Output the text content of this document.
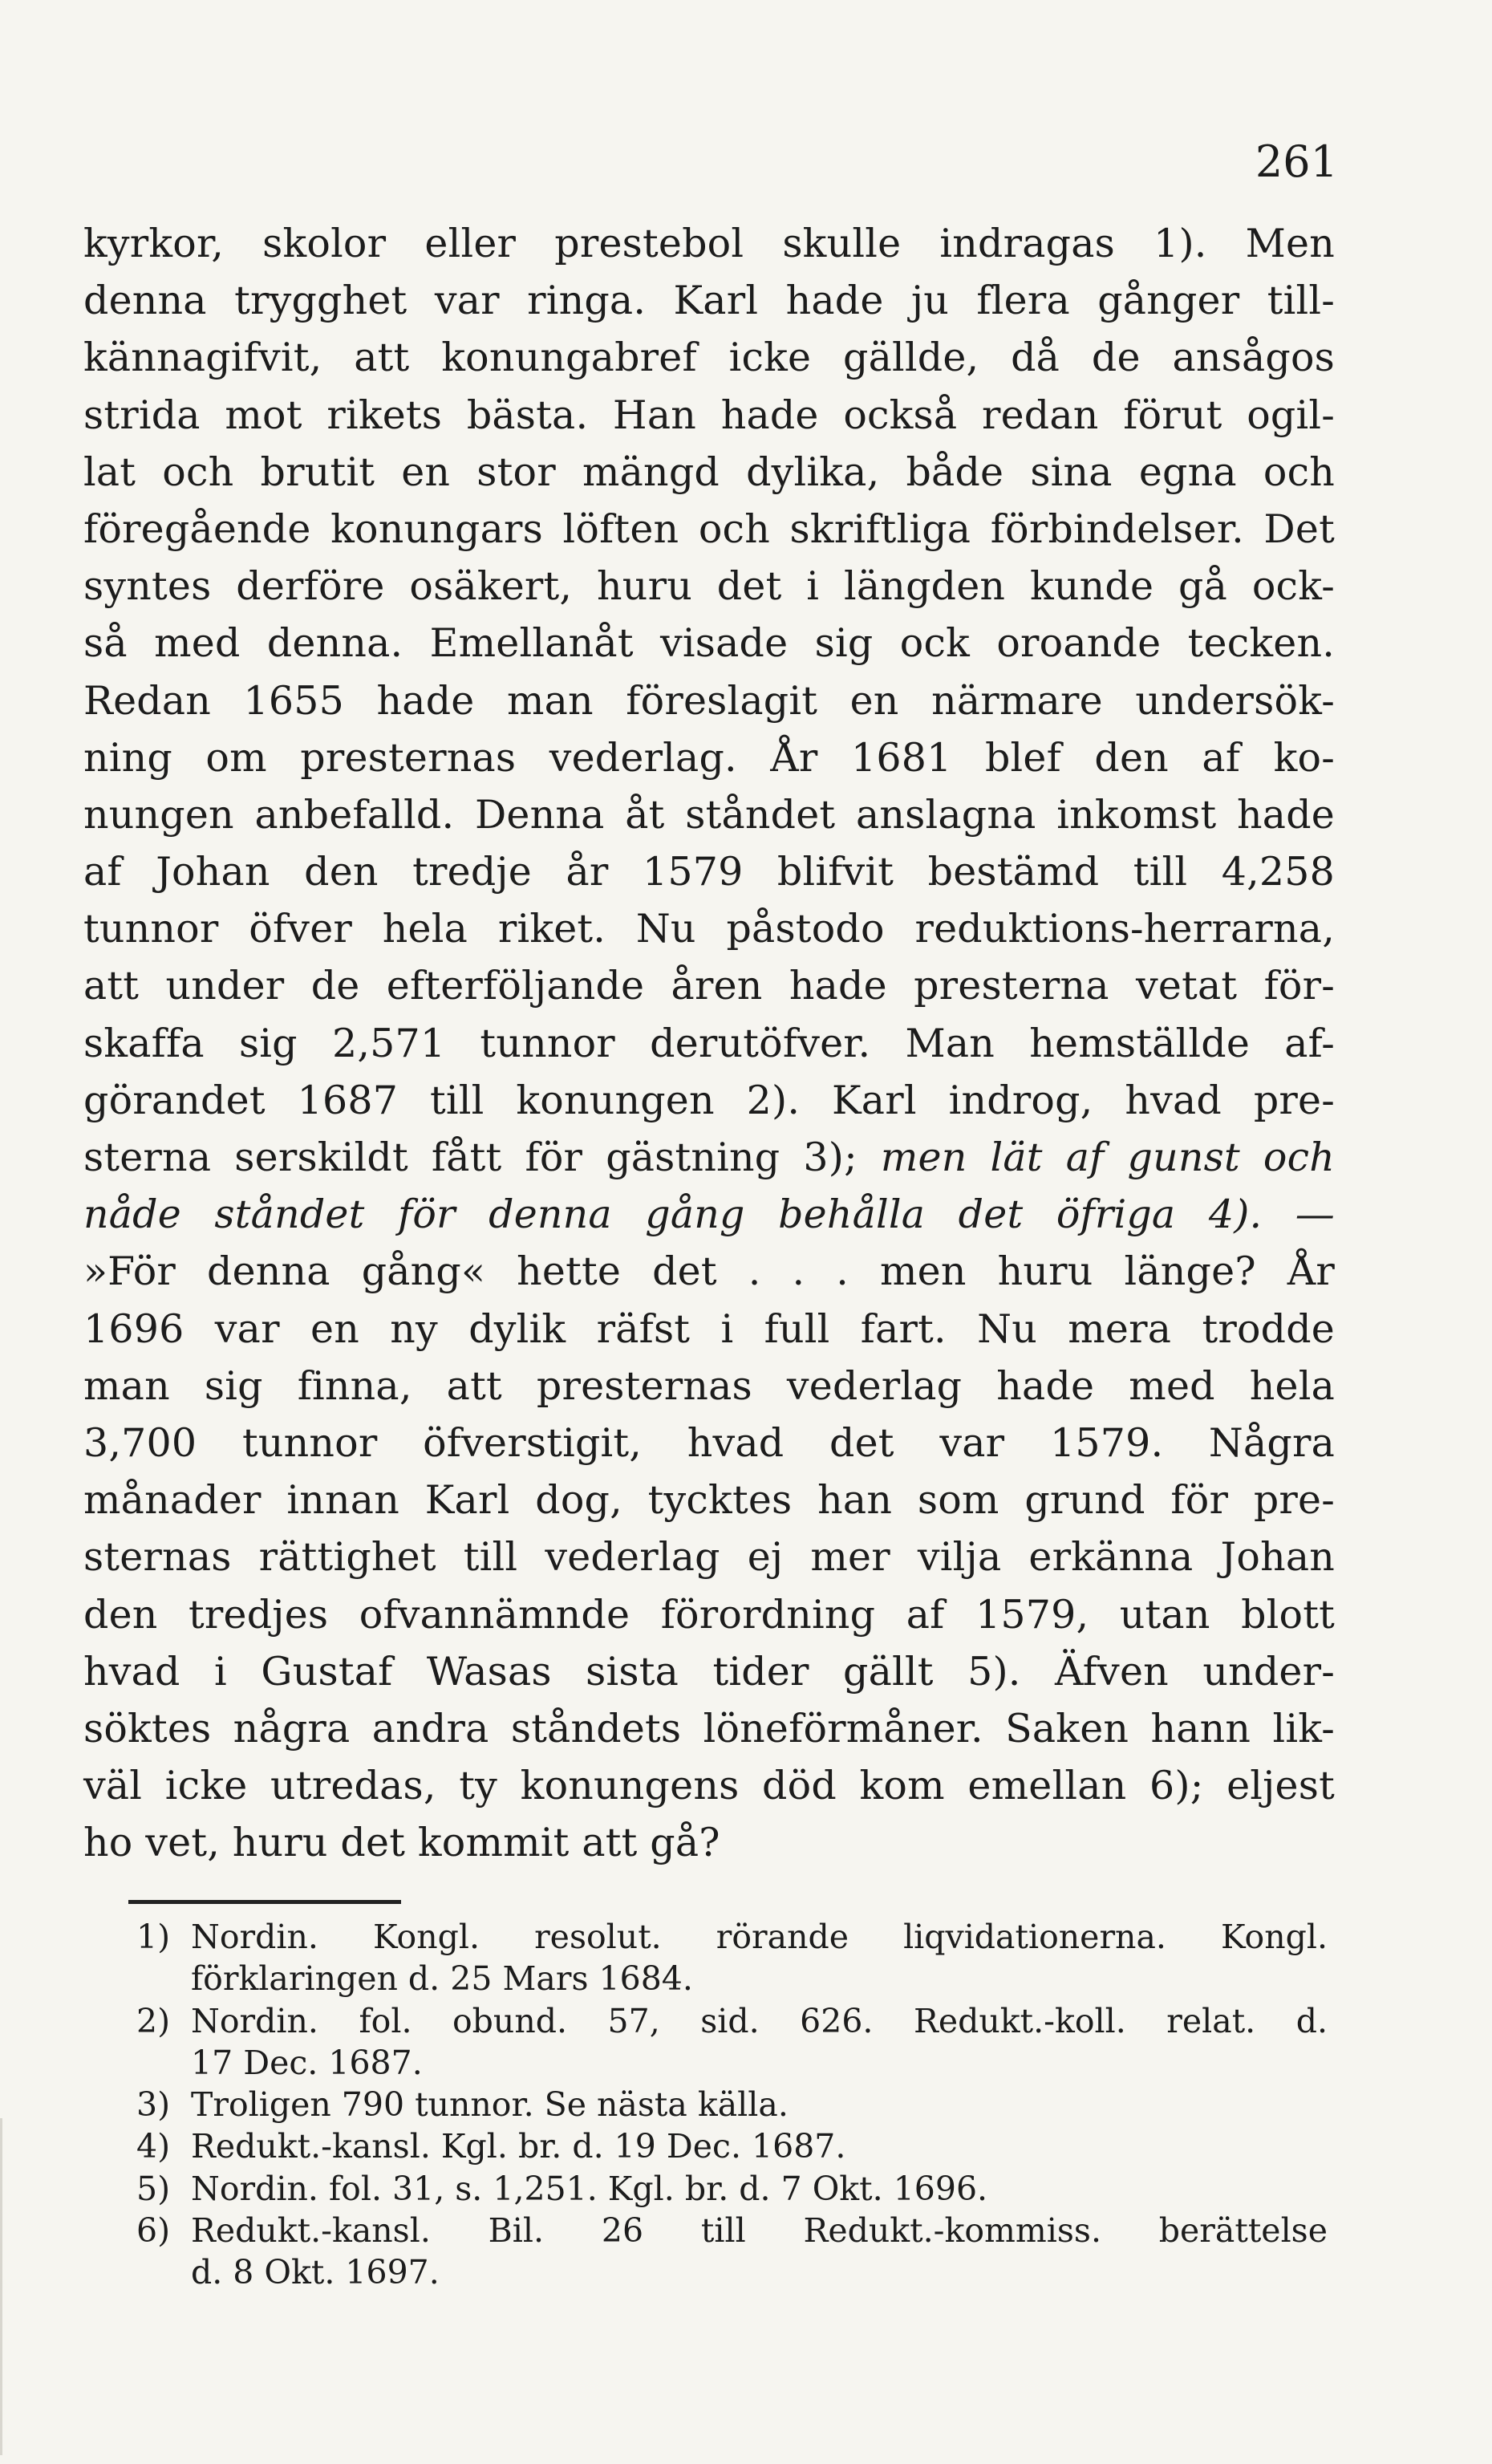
261
kyrkor, skolor eller prestebol skulle indragas 1). Men
denna trygghet var ringa. Karl hade ju flera gånger till-
kännagifvit, att konungabref icke gällde, då de ansågos
strida mot rikets bästa. Han hade också redan förut ogil-
lat och brutit en stor mängd dylika, både sina egna och
föregående konungars löften och skriftliga förbindelser. Det
syntes derföre osäkert, huru det i längden kunde gå ock-
så med denna. Emellanåt visade sig ock oroande tecken.
Redan 1655 hade man föreslagit en närmare undersök-
ning om presternas vederlag. År 1681 blef den af ko-
nungen anbefalld. Denna åt ståndet anslagna inkomst hade
af Johan den tredje år 1579 blifvit bestämd till 4,258
tunnor öfver hela riket. Nu påstodo reduktions-herrarna,
att under de efterföljande åren hade presterna vetat för-
skaffa sig 2,571 tunnor derutöfver. Man hemställde af-
görandet 1687 till konungen 2). Karl indrog, hvad pre-
sterna serskildt fått för gästning 3); men lät af gunst och
nåde ståndet för denna gång behålla det öfriga 4). —
»För denna gång« hette det . . . men huru länge? År
1696 var en ny dylik räfst i full fart. Nu mera trodde
man sig finna, att presternas vederlag hade med hela
3,700 tunnor öfverstigit, hvad det var 1579. Några
månader innan Karl dog, tycktes han som grund för pre-
sternas rättighet till vederlag ej mer vilja erkänna Johan
den tredjes ofvannämnde förordning af 1579, utan blott
hvad i Gustaf Wasas sista tider gällt 5). Äfven under-
söktes några andra ståndets löneförmåner. Saken hann lik-
väl icke utredas, ty konungens död kom emellan 6); eljest
ho vet, huru det kommit att gå?
1) Nordin. Kongl. resolut. rörande liqvidationerna. Kongl.
förklaringen d. 25 Mars 1684.
2) Nordin. fol. obund. 57, sid. 626. Redukt.-koll. relat. d.
17 Dec. 1687.
3) Troligen 790 tunnor. Se nästa källa.
4) Redukt.-kansl. Kgl. br. d. 19 Dec. 1687.
5) Nordin. fol. 31, s. 1,251. Kgl. br. d. 7 Okt. 1696.
6) Redukt.-kansl. Bil. 26 till Redukt.-kommiss. berättelse
d. 8 Okt. 1697.
